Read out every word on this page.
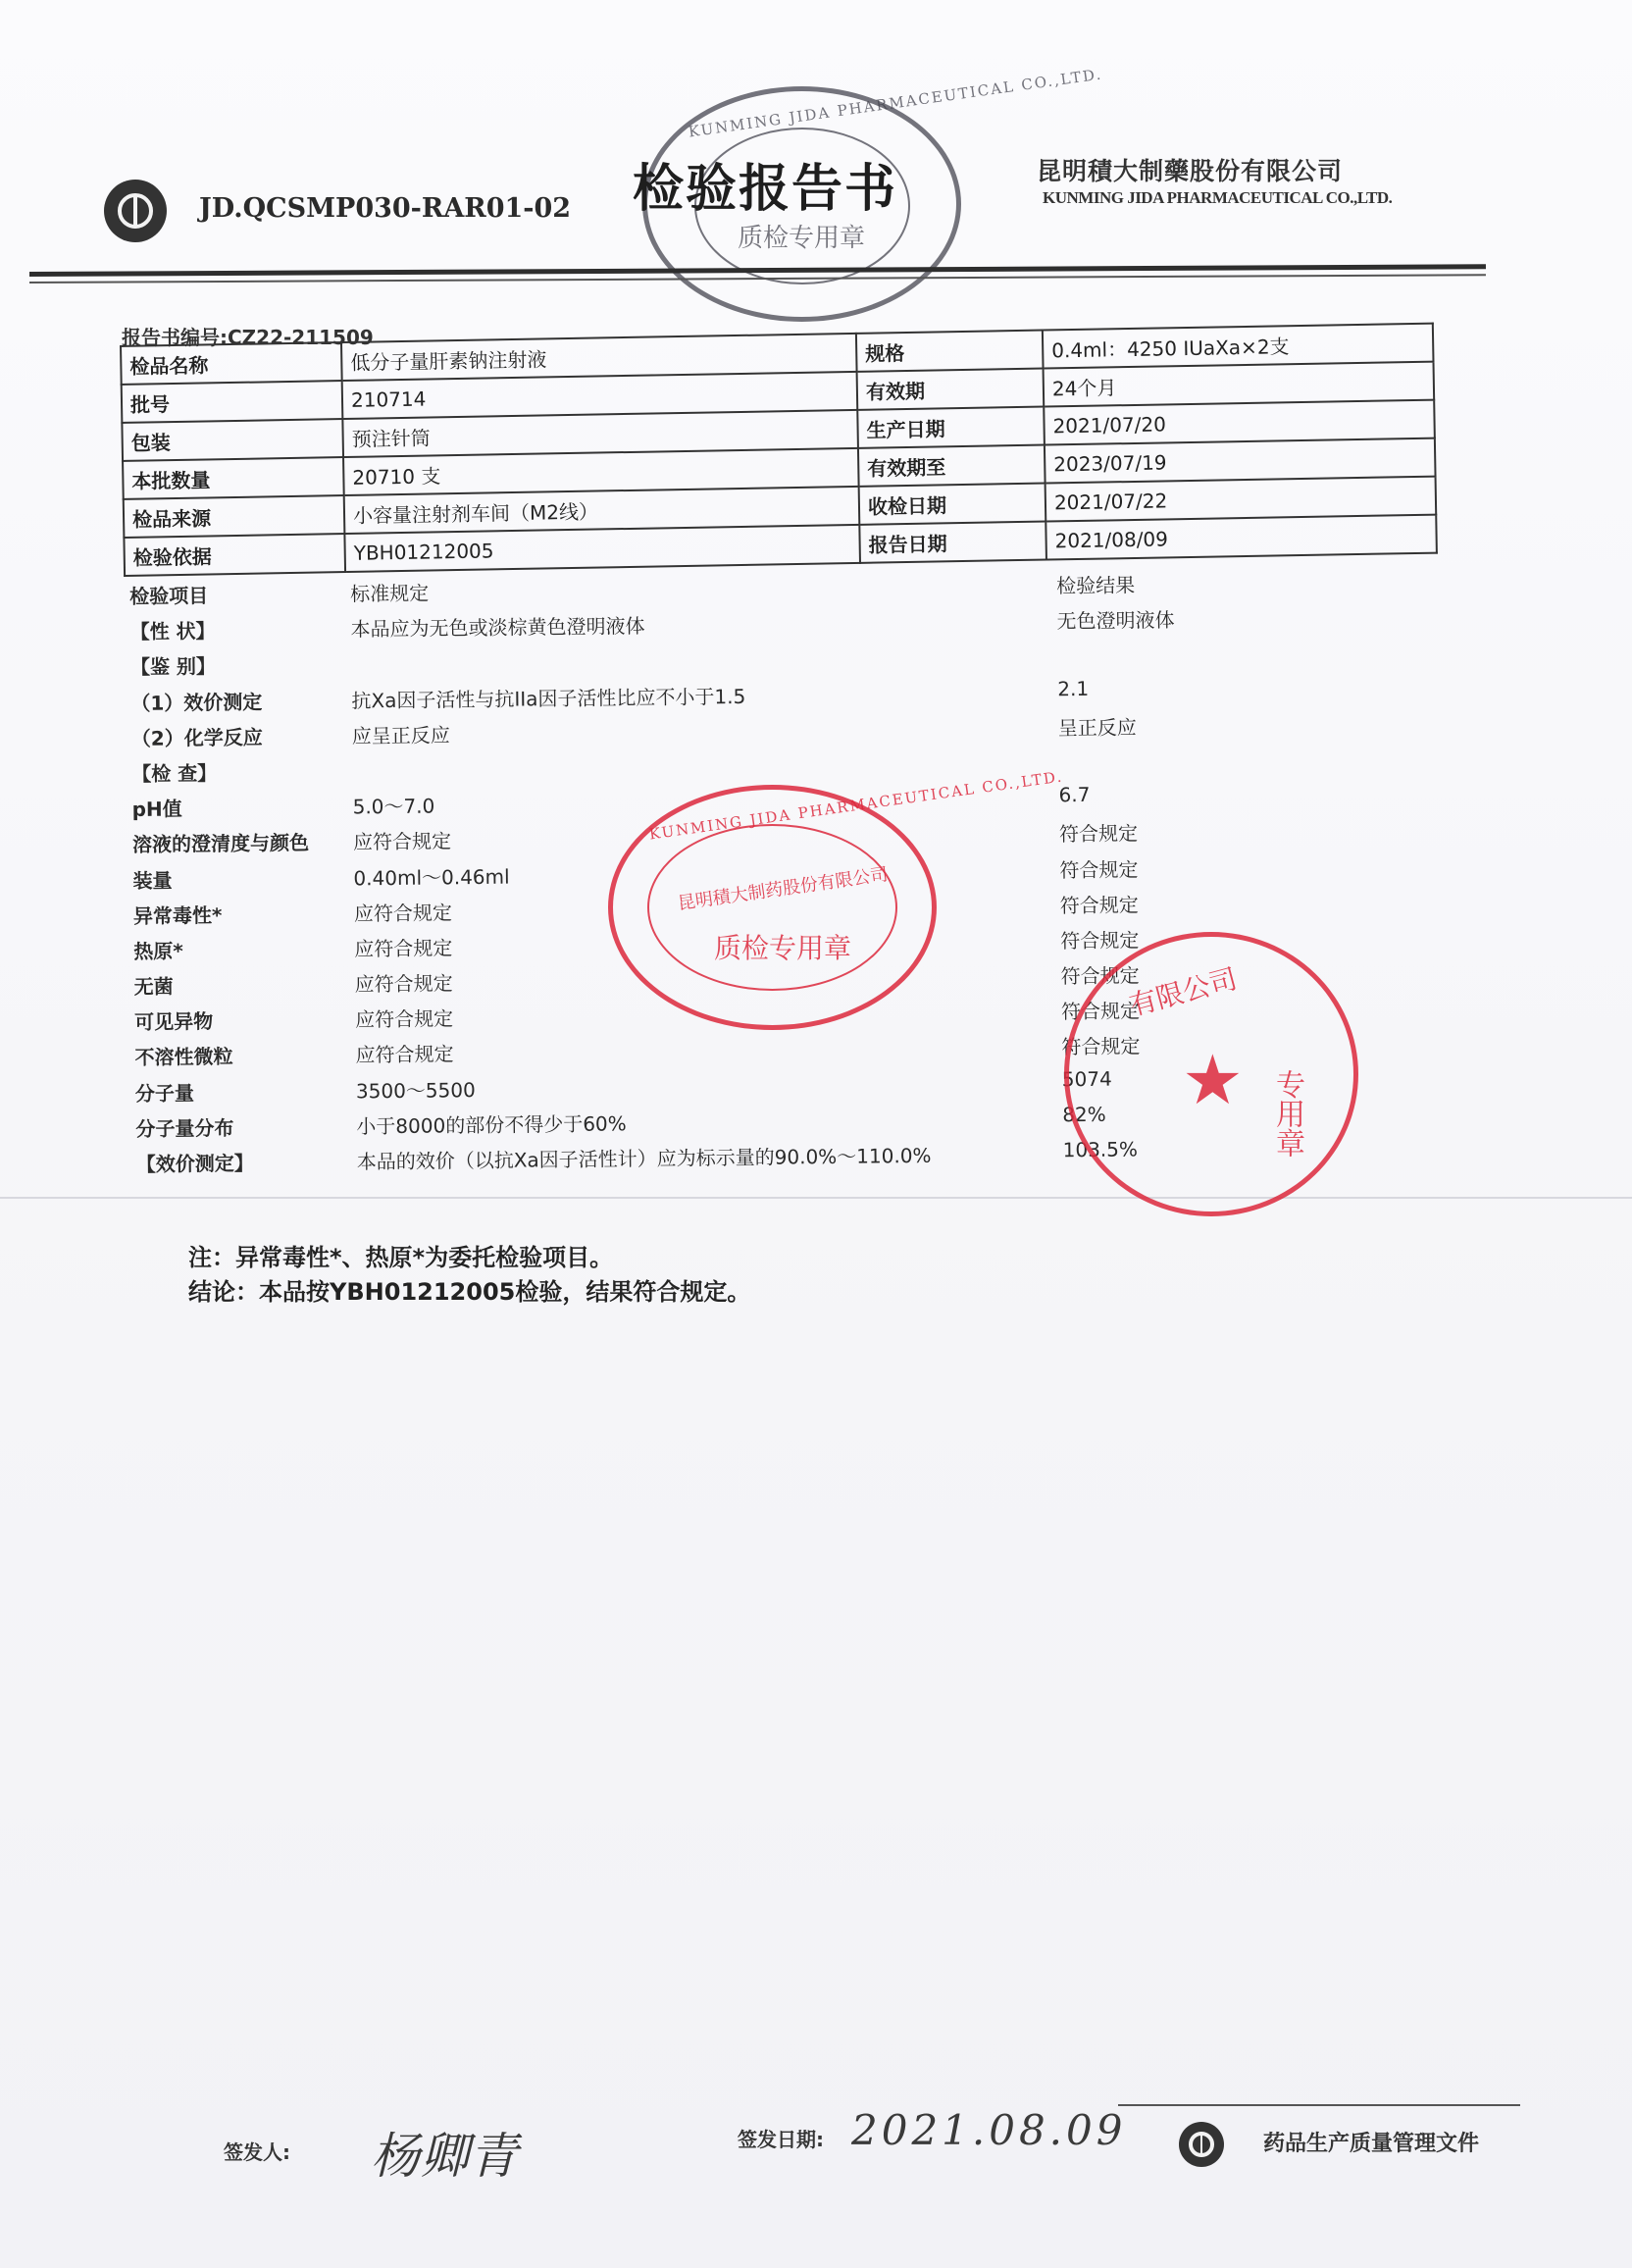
JD.QCSMP030-RAR01-02
KUNMING JIDA PHARMACEUTICAL CO.,LTD.
质检专用章
检验报告书	昆明積大制藥股份有限公司
KUNMING JIDA PHARMACEUTICAL CO.,LTD.
报告书编号:CZ22-211509
检品名称	低分子量肝素钠注射液	规格	0.4ml：4250 IUaXa×2支
批号	210714	有效期	24个月
包装	预注针筒	生产日期	2021/07/20
本批数量	20710 支	有效期至	2023/07/19
检品来源	小容量注射剂车间（M2线）	收检日期	2021/07/22
检验依据	YBH01212005	报告日期	2021/08/09
检验项目	标准规定	检验结果
【性 状】	本品应为无色或淡棕黄色澄明液体	无色澄明液体
【鉴 别】
（1）效价测定	抗Xa因子活性与抗IIa因子活性比应不小于1.5	2.1
（2）化学反应	应呈正反应	呈正反应
【检 查】
pH值	5.0～7.0	6.7
溶液的澄清度与颜色 应符合规定	符合规定
装量	0.40ml～0.46ml	符合规定
异常毒性*	应符合规定	符合规定
热原*	应符合规定	符合规定
无菌	应符合规定	符合规定
可见异物	应符合规定	符合规定
不溶性微粒	应符合规定	符合规定
分子量	3500～5500	5074
分子量分布	小于8000的部份不得少于60%	82%
【效价测定】	本品的效价（以抗Xa因子活性计）应为标示量的90.0%～110.0%	103.5%
KUNMING JIDA PHARMACEUTICAL CO.,LTD.
昆明積大制药股份有限公司
质检专用章
有限公司
★ 专用章
注：异常毒性*、热原*为委托检验项目。
结论：本品按YBH01212005检验，结果符合规定。
签发人: 杨卿青	签发日期: 2021.08.09	药品生产质量管理文件
